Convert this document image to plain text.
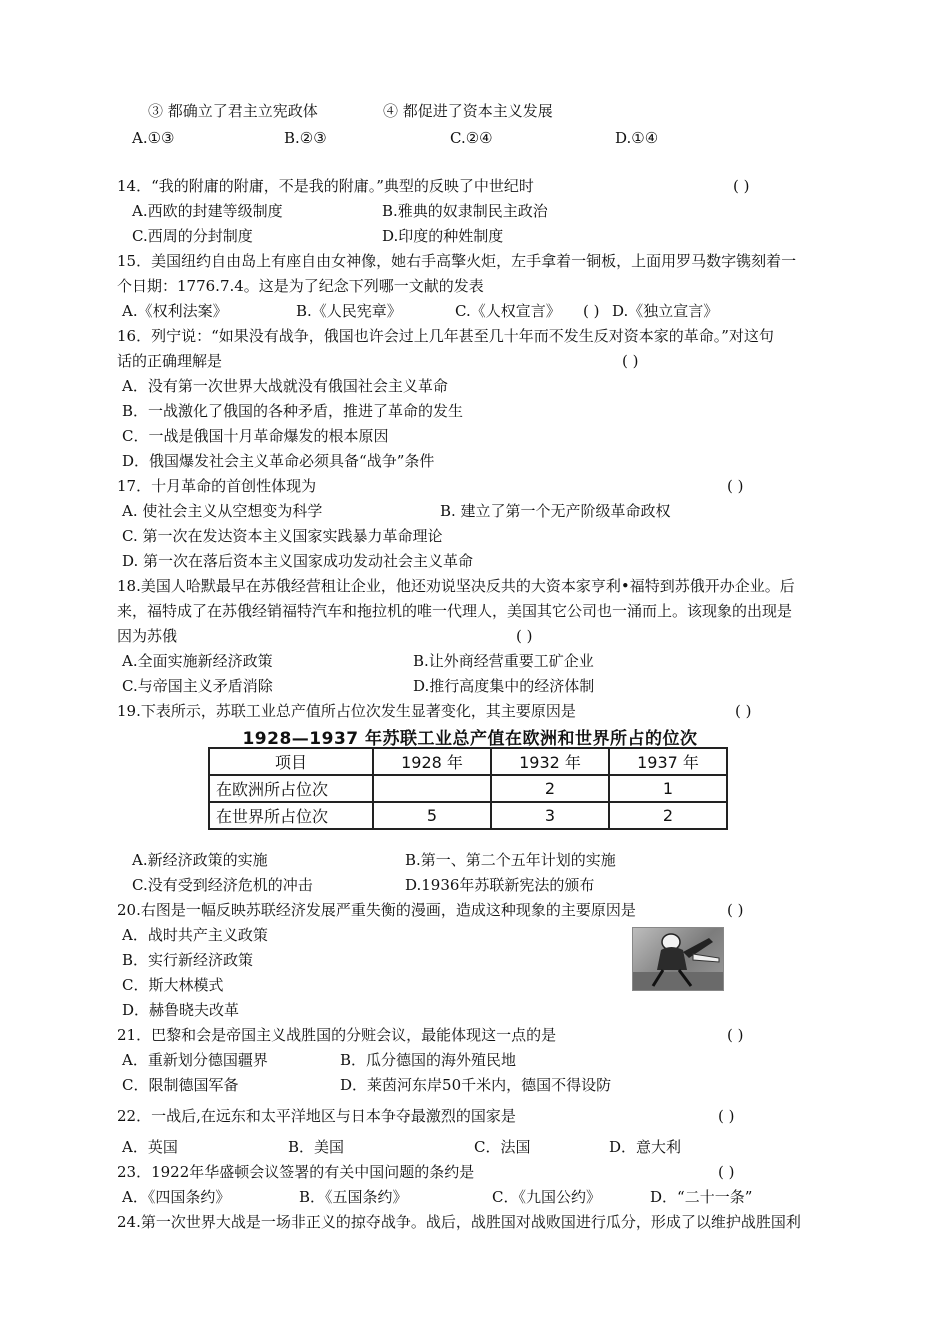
③ 都确立了君主立宪政体	④ 都促进了资本主义发展
A.①③	B.②③	C.②④	D.①④
14．“我的附庸的附庸，不是我的附庸。”典型的反映了中世纪时	( )
A.西欧的封建等级制度	B.雅典的奴隶制民主政治
C.西周的分封制度	D.印度的种姓制度
15．美国纽约自由岛上有座自由女神像，她右手高擎火炬，左手拿着一铜板，上面用罗马数字镌刻着一
个日期：1776.7.4。这是为了纪念下列哪一文献的发表
A.《权利法案》	B.《人民宪章》	C.《人权宣言》	D.《独立宣言》
( )
16．列宁说：“如果没有战争，俄国也许会过上几年甚至几十年而不发生反对资本家的革命。”对这句
话的正确理解是	( )
A．没有第一次世界大战就没有俄国社会主义革命
B．一战激化了俄国的各种矛盾，推进了革命的发生
C．一战是俄国十月革命爆发的根本原因
D．俄国爆发社会主义革命必须具备“战争”条件
17．十月革命的首创性体现为	( )
A. 使社会主义从空想变为科学	B. 建立了第一个无产阶级革命政权
C. 第一次在发达资本主义国家实践暴力革命理论
D. 第一次在落后资本主义国家成功发动社会主义革命
18.美国人哈默最早在苏俄经营租让企业，他还劝说坚决反共的大资本家亨利•福特到苏俄开办企业。后
来，福特成了在苏俄经销福特汽车和拖拉机的唯一代理人，美国其它公司也一涌而上。该现象的出现是
因为苏俄	( )
A.全面实施新经济政策	B.让外商经营重要工矿企业
C.与帝国主义矛盾消除	D.推行高度集中的经济体制
19.下表所示，苏联工业总产值所占位次发生显著变化，其主要原因是	( )
1928—1937 年苏联工业总产值在欧洲和世界所占的位次
项目	1928 年	1932 年	1937 年
在欧洲所占位次		2	1
在世界所占位次	5	3	2
A.新经济政策的实施	B.第一、第二个五年计划的实施
C.没有受到经济危机的冲击	D.1936年苏联新宪法的颁布
20.右图是一幅反映苏联经济发展严重失衡的漫画，造成这种现象的主要原因是	( )
A．战时共产主义政策
B．实行新经济政策
C．斯大林模式
D．赫鲁晓夫改革
21．巴黎和会是帝国主义战胜国的分赃会议，最能体现这一点的是	( )
A．重新划分德国疆界	B．瓜分德国的海外殖民地
C．限制德国军备	D．莱茵河东岸50千米内，德国不得设防
22．一战后,在远东和太平洋地区与日本争夺最激烈的国家是	( )
A．英国	B．美国	C．法国	D．意大利
23．1922年华盛顿会议签署的有关中国问题的条约是	( )
A．《四国条约》	B．《五国条约》	C．《九国公约》	D．“二十一条”
24.第一次世界大战是一场非正义的掠夺战争。战后，战胜国对战败国进行瓜分，形成了以维护战胜国利
